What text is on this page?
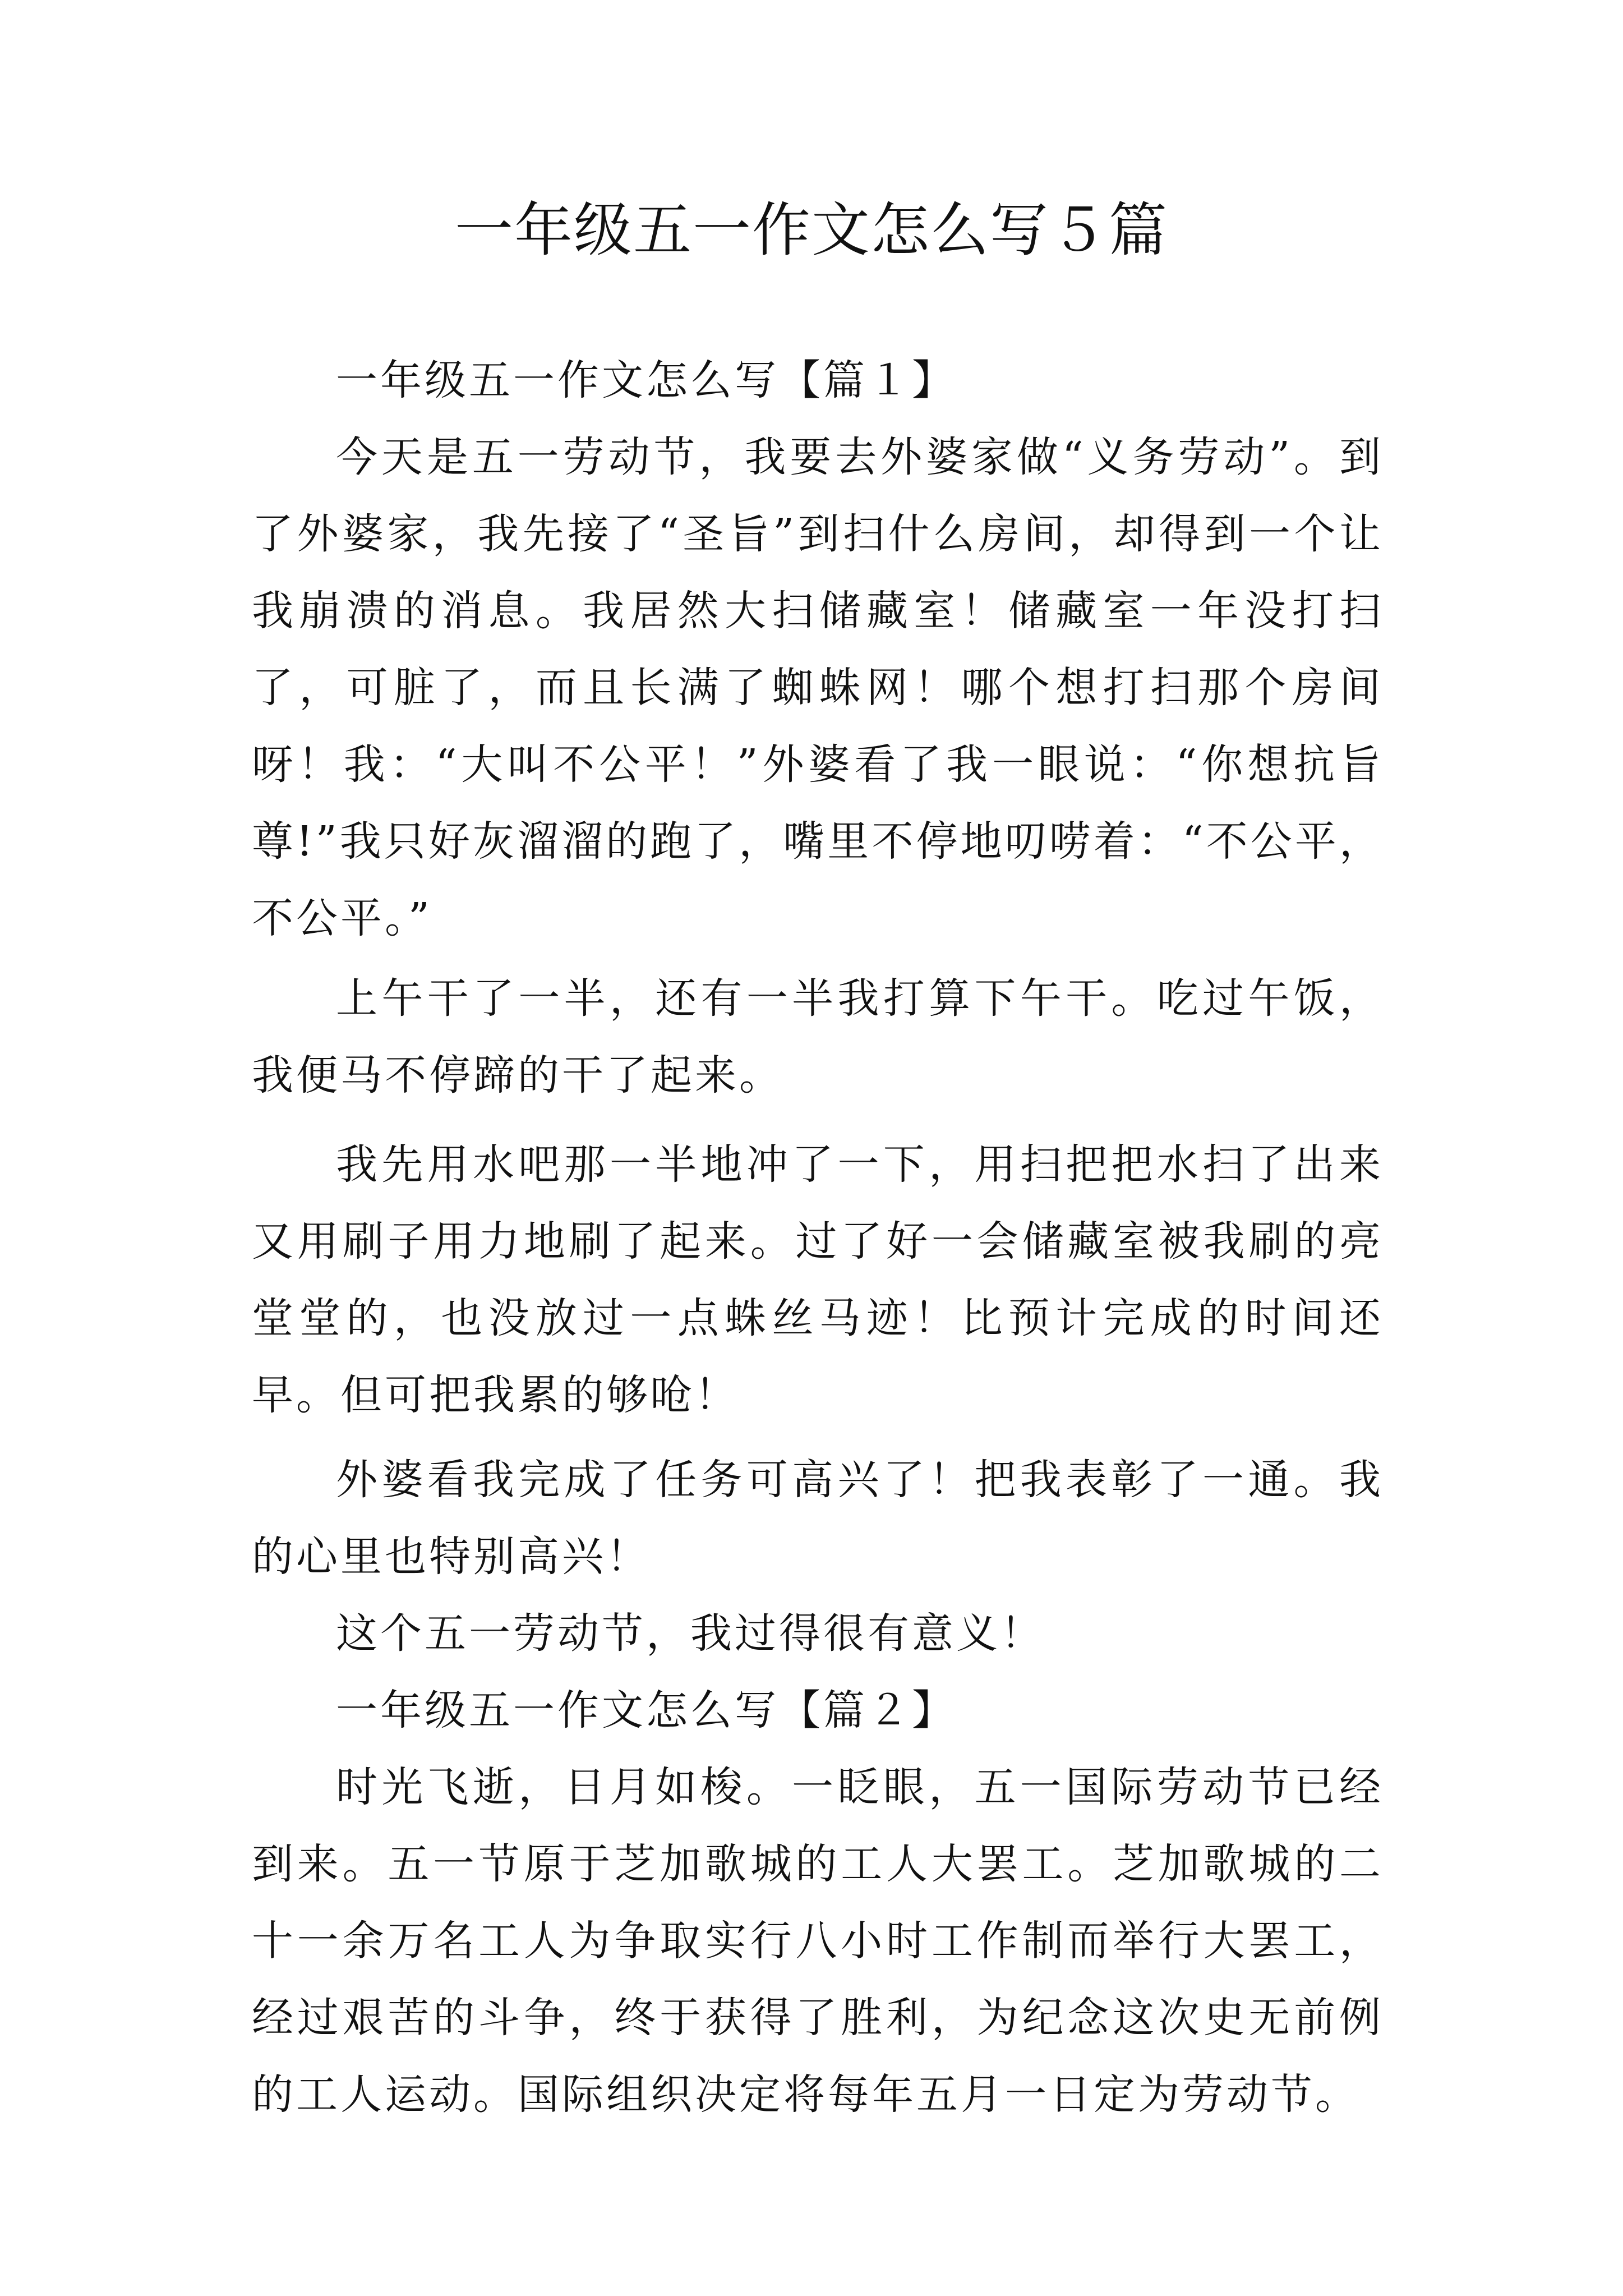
一年级五一作文怎么写５篇

一年级五一作文怎么写【篇１】

今天是五一劳动节，我要去外婆家做“义务劳动”。到了外婆家，我先接了“圣旨”到扫什么房间，却得到一个让我崩溃的消息。我居然大扫储藏室！储藏室一年没打扫了，可脏了，而且长满了蜘蛛网！哪个想打扫那个房间呀！我：“大叫不公平！”外婆看了我一眼说：“你想抗旨尊!”我只好灰溜溜的跑了，嘴里不停地叨唠着：“不公平，不公平。”

上午干了一半，还有一半我打算下午干。吃过午饭，我便马不停蹄的干了起来。

我先用水吧那一半地冲了一下，用扫把把水扫了出来又用刷子用力地刷了起来。过了好一会储藏室被我刷的亮堂堂的，也没放过一点蛛丝马迹！比预计完成的时间还早。但可把我累的够呛！

外婆看我完成了任务可高兴了！把我表彰了一通。我的心里也特别高兴！

这个五一劳动节，我过得很有意义！

一年级五一作文怎么写【篇２】

时光飞逝，日月如梭。一眨眼，五一国际劳动节已经到来。五一节原于芝加歌城的工人大罢工。芝加歌城的二十一余万名工人为争取实行八小时工作制而举行大罢工，经过艰苦的斗争，终于获得了胜利，为纪念这次史无前例的工人运动。国际组织决定将每年五月一日定为劳动节。
